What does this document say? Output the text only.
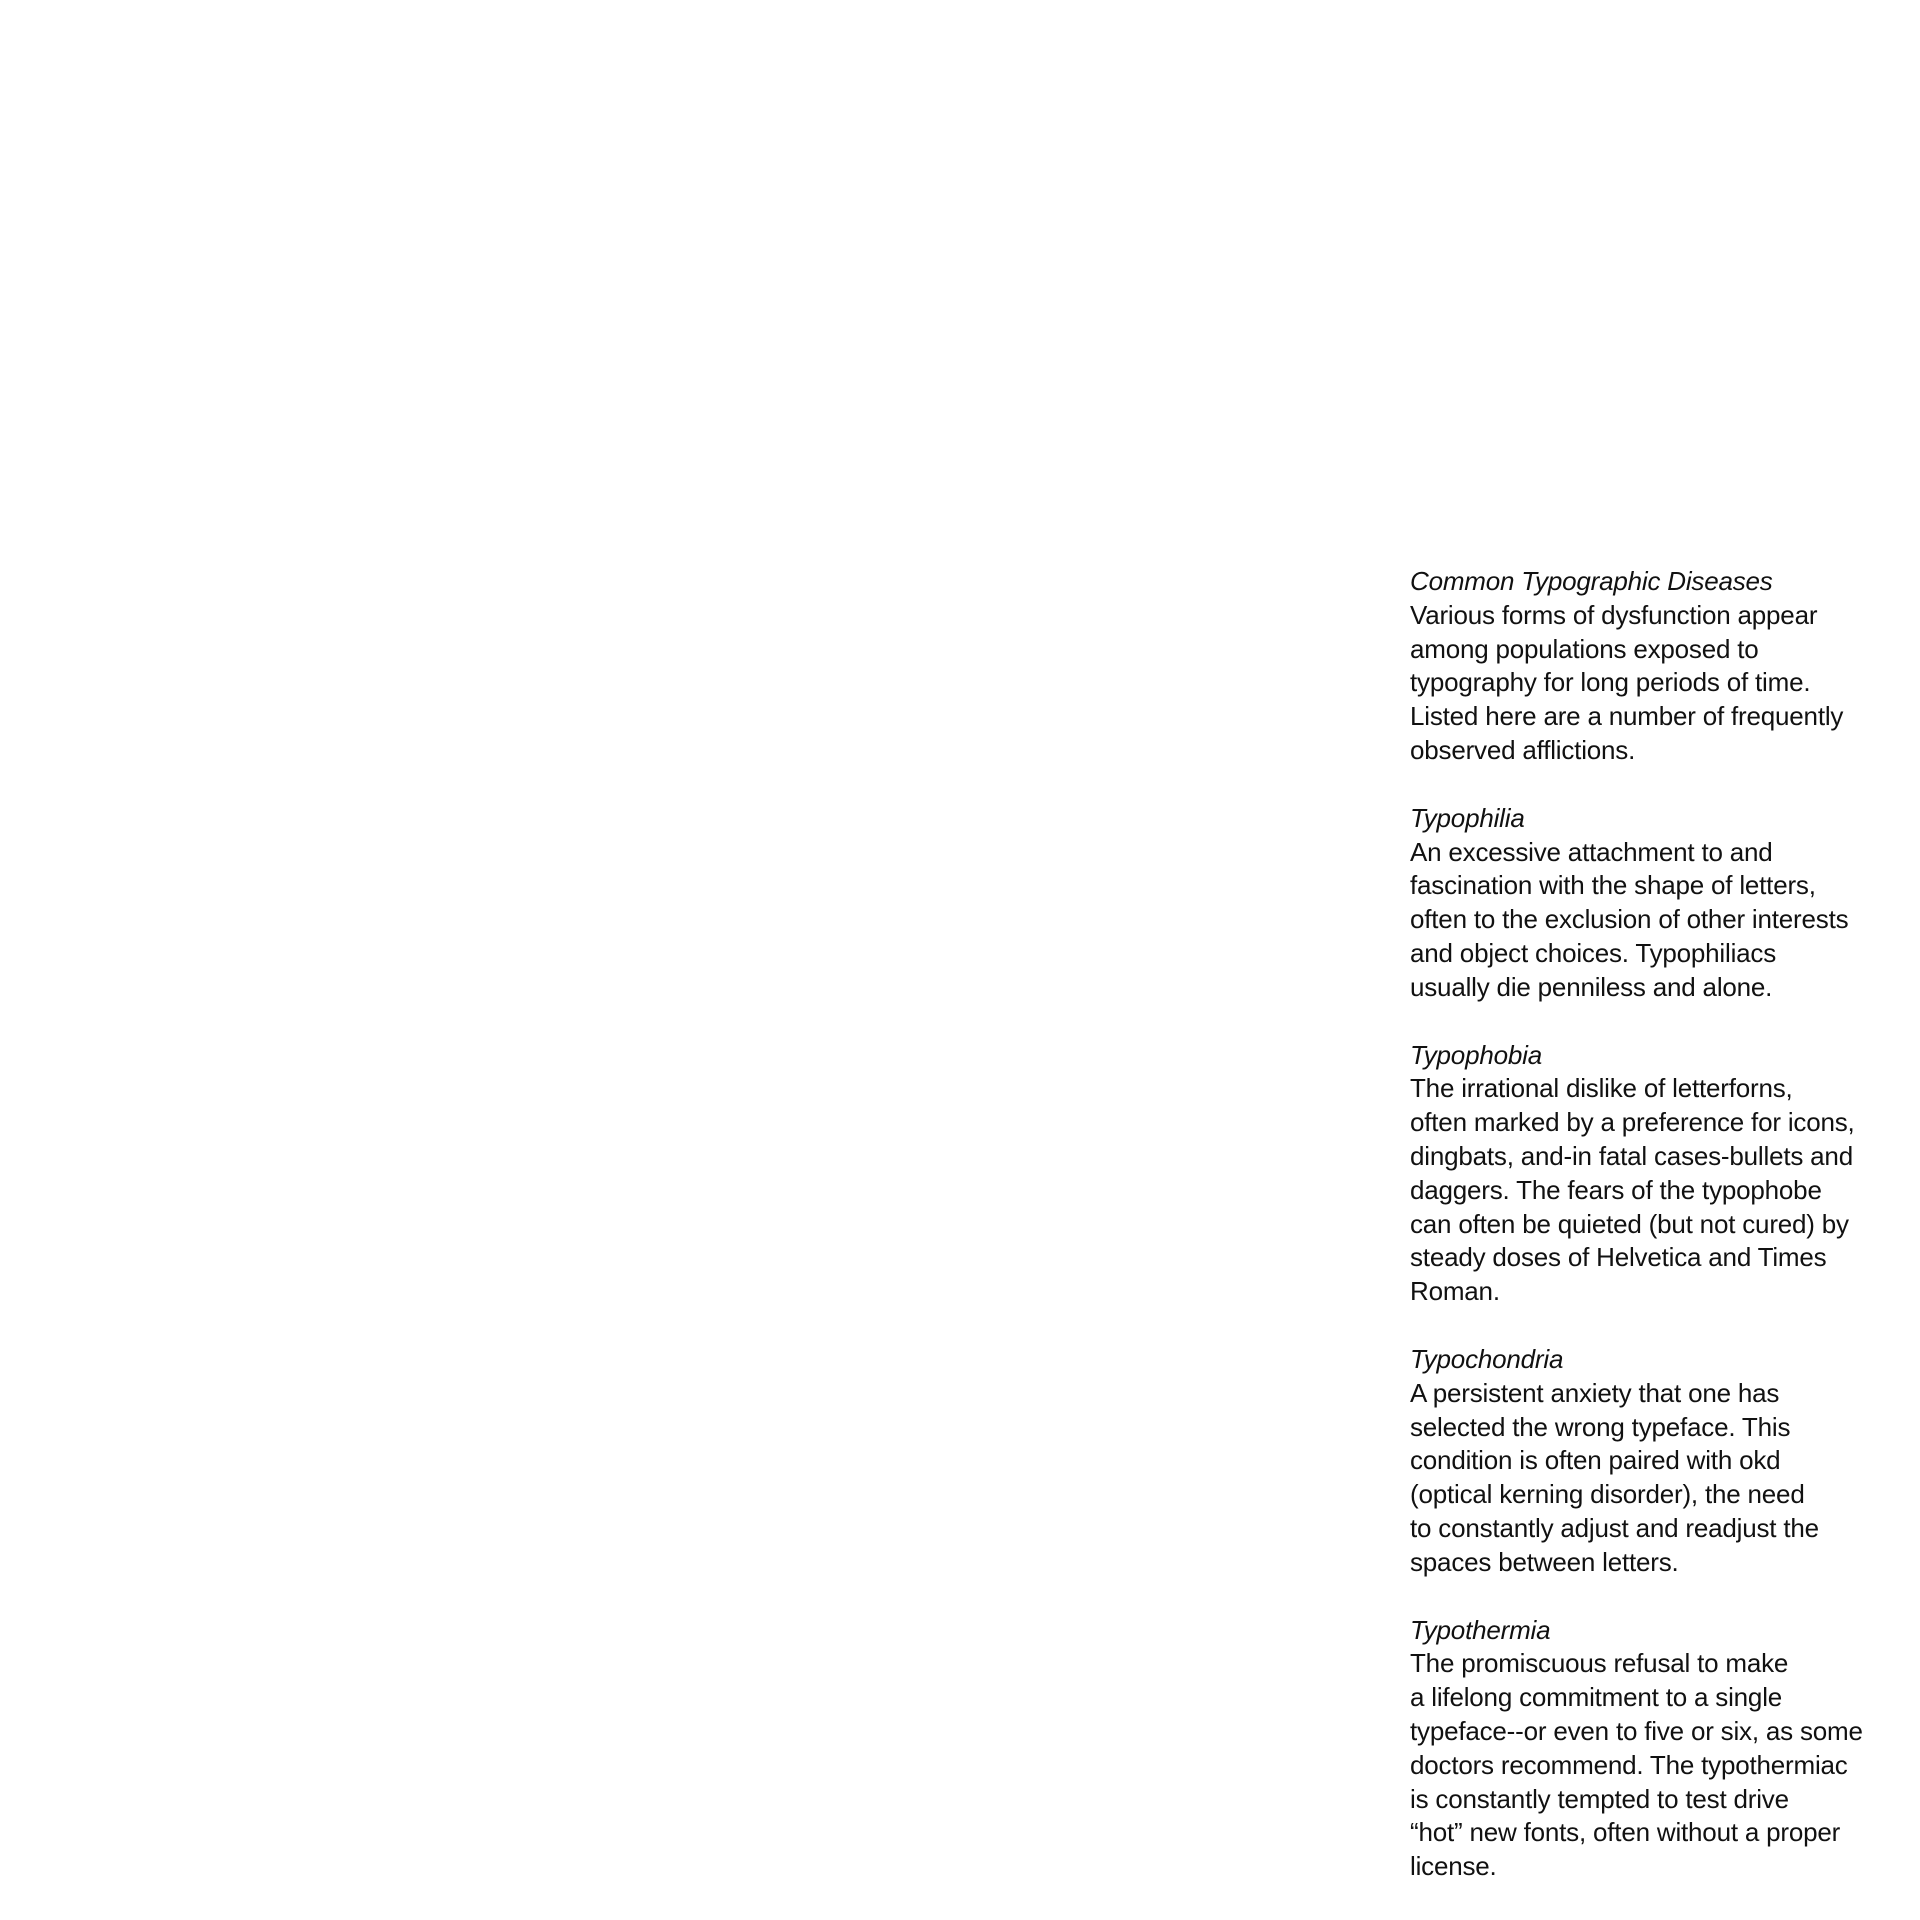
Common Typographic Diseases
Various forms of dysfunction appear
among populations exposed to
typography for long periods of time.
Listed here are a number of frequently
observed afflictions.
Typophilia
An excessive attachment to and
fascination with the shape of letters,
often to the exclusion of other interests
and object choices. Typophiliacs
usually die penniless and alone.
Typophobia
The irrational dislike of letterforns,
often marked by a preference for icons,
dingbats, and-in fatal cases-bullets and
daggers. The fears of the typophobe
can often be quieted (but not cured) by
steady doses of Helvetica and Times
Roman.
Typochondria
A persistent anxiety that one has
selected the wrong typeface. This
condition is often paired with okd
(optical kerning disorder), the need
to constantly adjust and readjust the
spaces between letters.
Typothermia
The promiscuous refusal to make
a lifelong commitment to a single
typeface--or even to five or six, as some
doctors recommend. The typothermiac
is constantly tempted to test drive
“hot” new fonts, often without a proper
license.
